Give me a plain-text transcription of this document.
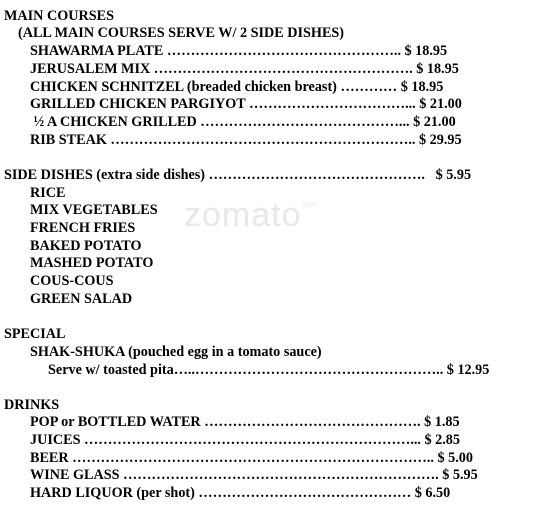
zomato$^{com}$
MAIN COURSES
(ALL MAIN COURSES SERVE W/ 2 SIDE DISHES)
SHAWARMA PLATE ………………………………………….. $ 18.95
JERUSALEM MIX ………………………………………………. $ 18.95
CHICKEN SCHNITZEL (breaded chicken breast) ………… $ 18.95
GRILLED CHICKEN PARGIYOT ……………………………... $ 21.00
½ A CHICKEN GRILLED ……………………………………... $ 21.00
RIB STEAK ……………………………………………………….. $ 29.95
SIDE DISHES (extra side dishes) ……………………………………….   $ 5.95
RICE
MIX VEGETABLES
FRENCH FRIES
BAKED POTATO
MASHED POTATO
COUS-COUS
GREEN SALAD
SPECIAL
SHAK-SHUKA (pouched egg in a tomato sauce)
Serve w/ toasted pita…..…………………………………………….. $ 12.95
DRINKS
POP or BOTTLED WATER ………………………………………. $ 1.85
JUICES ……………………………………………………………... $ 2.85
BEER ………………………………………………………………….. $ 5.00
WINE GLASS …………………………………………………………. $ 5.95
HARD LIQUOR (per shot) ……………………………………… $ 6.50
